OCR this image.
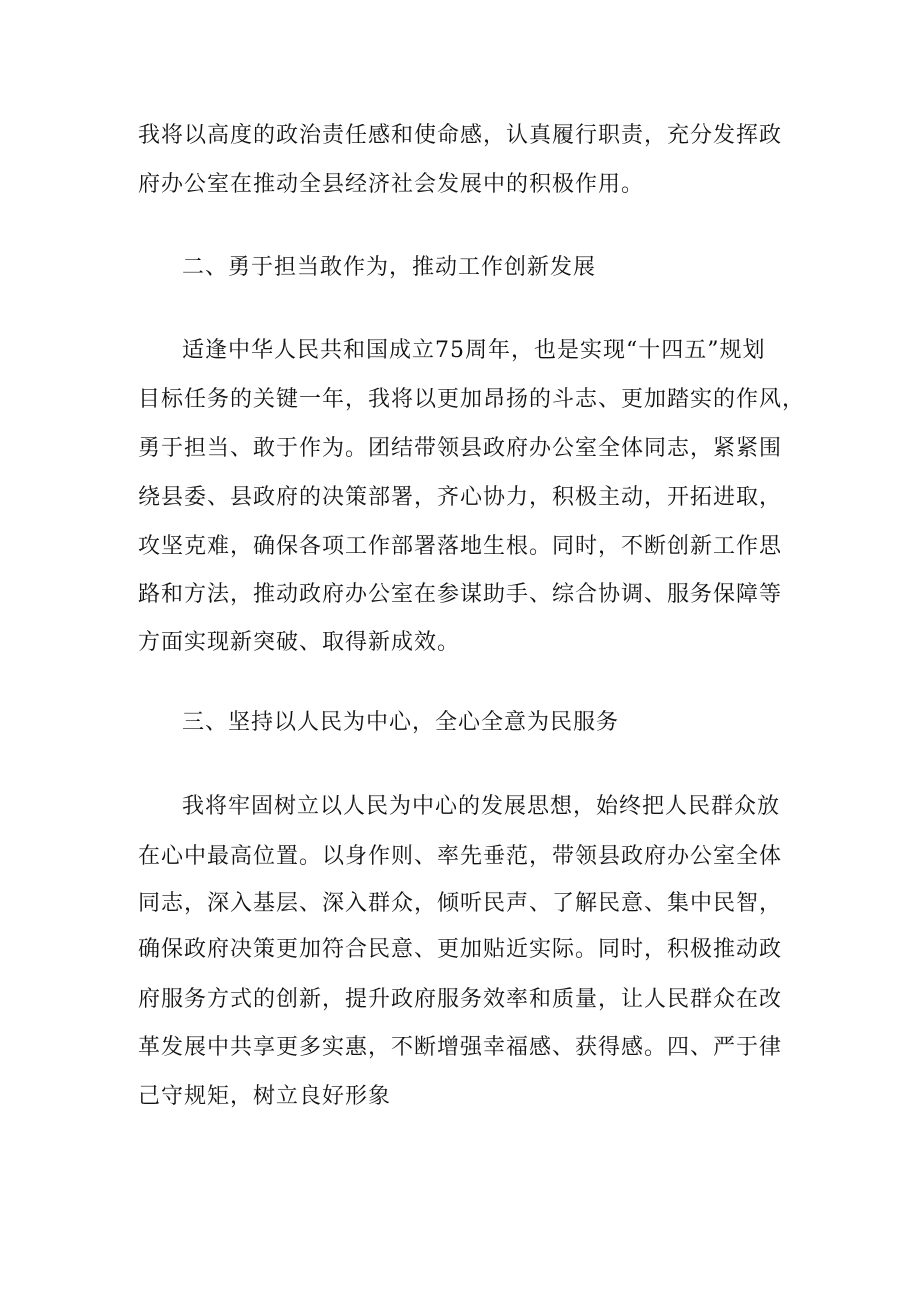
我将以高度的政治责任感和使命感，认真履行职责，充分发挥政
府办公室在推动全县经济社会发展中的积极作用。
二、勇于担当敢作为，推动工作创新发展
适逢中华人民共和国成立75周年，也是实现“十四五”规划
目标任务的关键一年，我将以更加昂扬的斗志、更加踏实的作风，
勇于担当、敢于作为。团结带领县政府办公室全体同志，紧紧围
绕县委、县政府的决策部署，齐心协力，积极主动，开拓进取，
攻坚克难，确保各项工作部署落地生根。同时，不断创新工作思
路和方法，推动政府办公室在参谋助手、综合协调、服务保障等
方面实现新突破、取得新成效。
三、坚持以人民为中心，全心全意为民服务
我将牢固树立以人民为中心的发展思想，始终把人民群众放
在心中最高位置。以身作则、率先垂范，带领县政府办公室全体
同志，深入基层、深入群众，倾听民声、了解民意、集中民智，
确保政府决策更加符合民意、更加贴近实际。同时，积极推动政
府服务方式的创新，提升政府服务效率和质量，让人民群众在改
革发展中共享更多实惠，不断增强幸福感、获得感。四、严于律
己守规矩，树立良好形象
